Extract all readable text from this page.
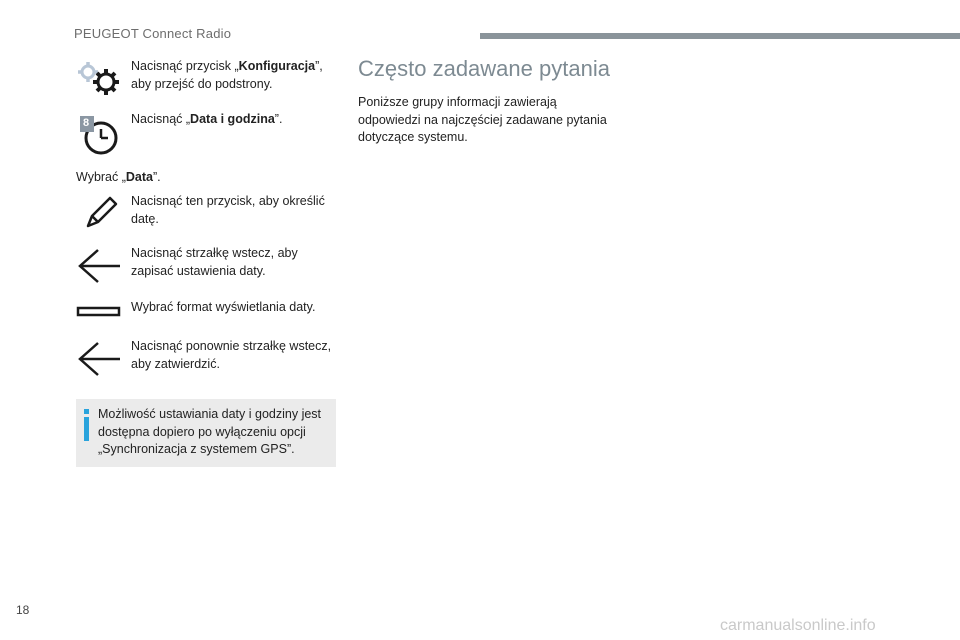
PEUGEOT Connect Radio
Nacisnąć przycisk „Konfiguracja”,
aby przejść do podstrony.
8	Nacisnąć „Data i godzina”.
Wybrać „Data”.
Nacisnąć ten przycisk, aby określić
datę.
Nacisnąć strzałkę wstecz, aby
zapisać ustawienia daty.
Wybrać format wyświetlania daty.
Nacisnąć ponownie strzałkę wstecz,
aby zatwierdzić.
Możliwość ustawiania daty i godziny jest
dostępna dopiero po wyłączeniu opcji
„Synchronizacja z systemem GPS”.
Często zadawane pytania
Poniższe grupy informacji zawierają
odpowiedzi na najczęściej zadawane pytania
dotyczące systemu.
18
carmanualsonline.info
